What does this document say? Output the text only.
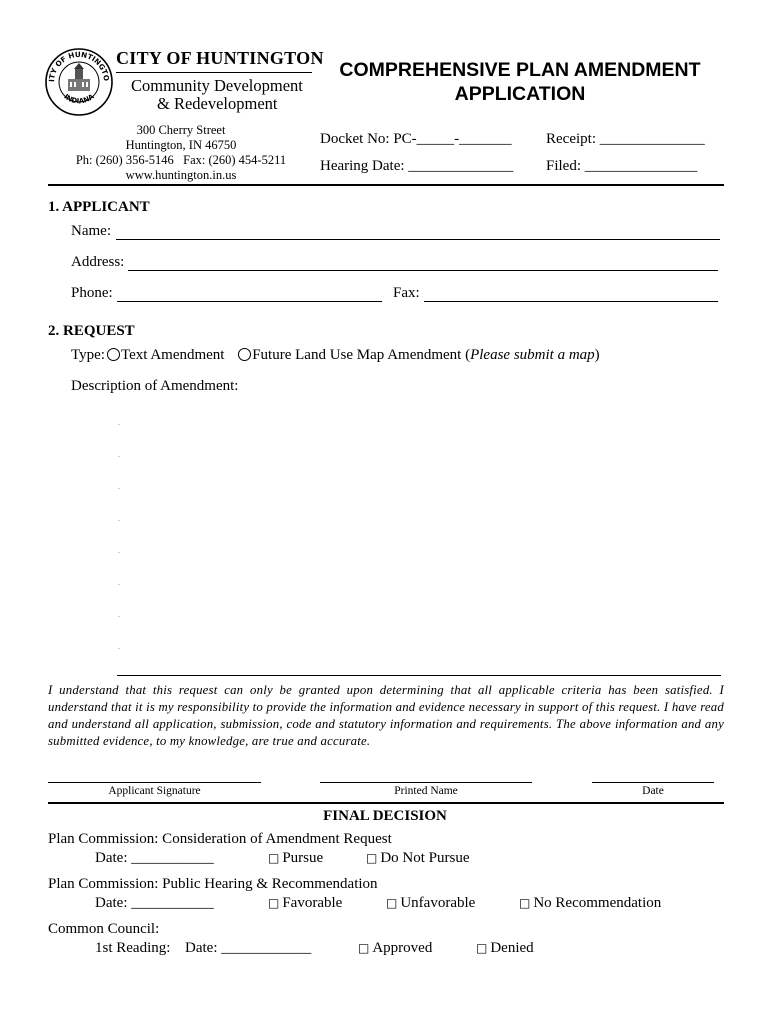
ITY OF HUNTINGTO
INDIANA
CITY OF HUNTINGTON
Community Development
& Redevelopment
300 Cherry Street
Huntington, IN 46750
Ph: (260) 356-5146   Fax: (260) 454-5211
www.huntington.in.us
COMPREHENSIVE PLAN AMENDMENT APPLICATION
Docket No: PC-_____-_______
Hearing Date: ______________
Receipt: ______________
Filed: _______________
1. APPLICANT
Name:
Address:
Phone:	Fax:
2. REQUEST
Type: Text Amendment Future Land Use Map Amendment (Please submit a map)
Description of Amendment:
I understand that this request can only be granted upon determining that all applicable criteria has been satisfied. I understand that it is my responsibility to provide the information and evidence necessary in support of this request. I have read and understand all application, submission, code and statutory information and requirements. The above information and any submitted evidence, to my knowledge, are true and accurate.
Applicant Signature	Printed Name	Date
FINAL DECISION
Plan Commission: Consideration of Amendment Request
Date: ___________	□ Pursue	□ Do Not Pursue
Plan Commission: Public Hearing & Recommendation
Date: ___________	□ Favorable	□ Unfavorable	□ No Recommendation
Common Council:
1st Reading: Date: ____________	□ Approved	□ Denied
